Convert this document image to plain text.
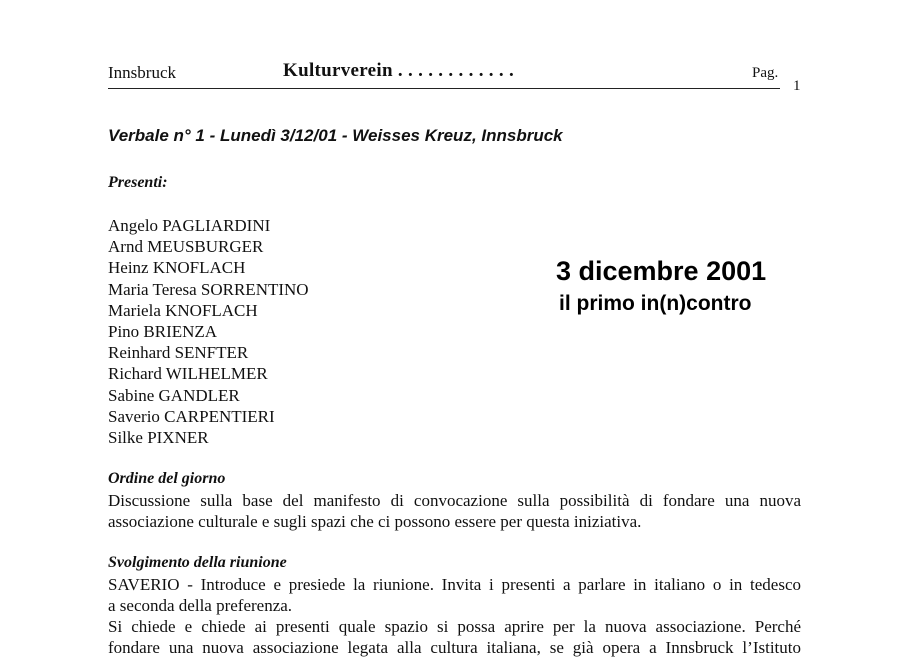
Innsbruck	Kulturverein . . . . . . . . . . . .	Pag.
1
Verbale n° 1 - Lunedì 3/12/01 - Weisses Kreuz, Innsbruck
Presenti:
Angelo PAGLIARDINI
Arnd MEUSBURGER
Heinz KNOFLACH
Maria Teresa SORRENTINO
Mariela KNOFLACH
Pino BRIENZA
Reinhard SENFTER
Richard WILHELMER
Sabine GANDLER
Saverio CARPENTIERI
Silke PIXNER
3 dicembre 2001
il primo in(n)contro
Ordine del giorno
Discussione sulla base del manifesto di convocazione sulla possibilità di fondare una nuova
associazione culturale e sugli spazi che ci possono essere per questa iniziativa.
Svolgimento della riunione
SAVERIO - Introduce e presiede la riunione. Invita i presenti a parlare in italiano o in tedesco
a seconda della preferenza.
Si chiede e chiede ai presenti quale spazio si possa aprire per la nuova associazione. Perché
fondare una nuova associazione legata alla cultura italiana, se già opera a Innsbruck l’Istituto
